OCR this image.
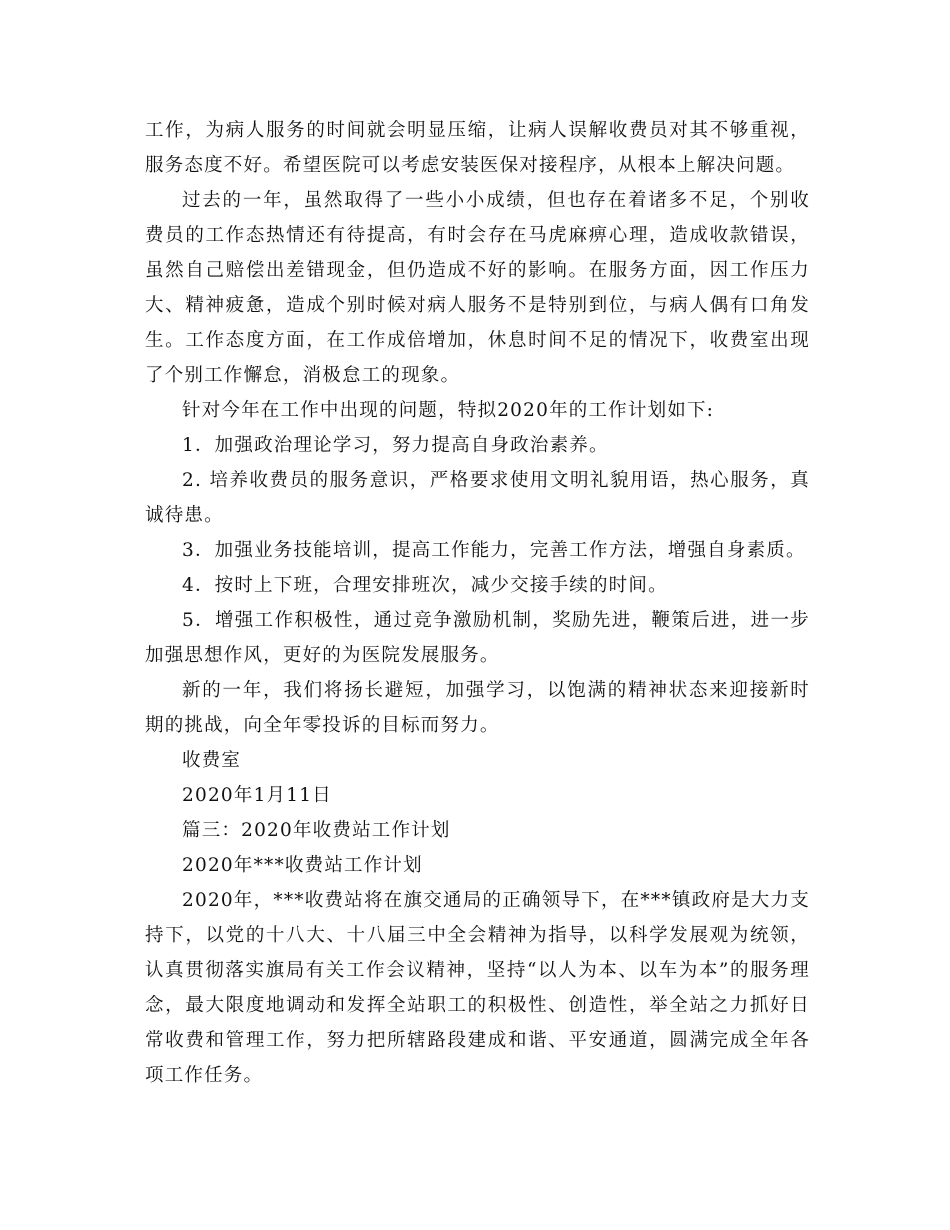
工作，为病人服务的时间就会明显压缩，让病人误解收费员对其不够重视，服务态度不好。希望医院可以考虑安装医保对接程序，从根本上解决问题。

过去的一年，虽然取得了一些小小成绩，但也存在着诸多不足，个别收费员的工作态热情还有待提高，有时会存在马虎麻痹心理，造成收款错误，虽然自己赔偿出差错现金，但仍造成不好的影响。在服务方面，因工作压力大、精神疲惫，造成个别时候对病人服务不是特别到位，与病人偶有口角发生。工作态度方面，在工作成倍增加，休息时间不足的情况下，收费室出现了个别工作懈怠，消极怠工的现象。

针对今年在工作中出现的问题，特拟2020年的工作计划如下:

1．加强政治理论学习，努力提高自身政治素养。

2. 培养收费员的服务意识，严格要求使用文明礼貌用语，热心服务，真诚待患。

3．加强业务技能培训，提高工作能力，完善工作方法，增强自身素质。

4．按时上下班，合理安排班次，减少交接手续的时间。

5．增强工作积极性，通过竞争激励机制，奖励先进，鞭策后进，进一步加强思想作风，更好的为医院发展服务。

新的一年，我们将扬长避短，加强学习，以饱满的精神状态来迎接新时期的挑战，向全年零投诉的目标而努力。

收费室

2020年1月11日

篇三：2020年收费站工作计划

2020年***收费站工作计划

2020年，***收费站将在旗交通局的正确领导下，在***镇政府是大力支持下，以党的十八大、十八届三中全会精神为指导，以科学发展观为统领，认真贯彻落实旗局有关工作会议精神，坚持“以人为本、以车为本”的服务理念，最大限度地调动和发挥全站职工的积极性、创造性，举全站之力抓好日常收费和管理工作，努力把所辖路段建成和谐、平安通道，圆满完成全年各项工作任务。
